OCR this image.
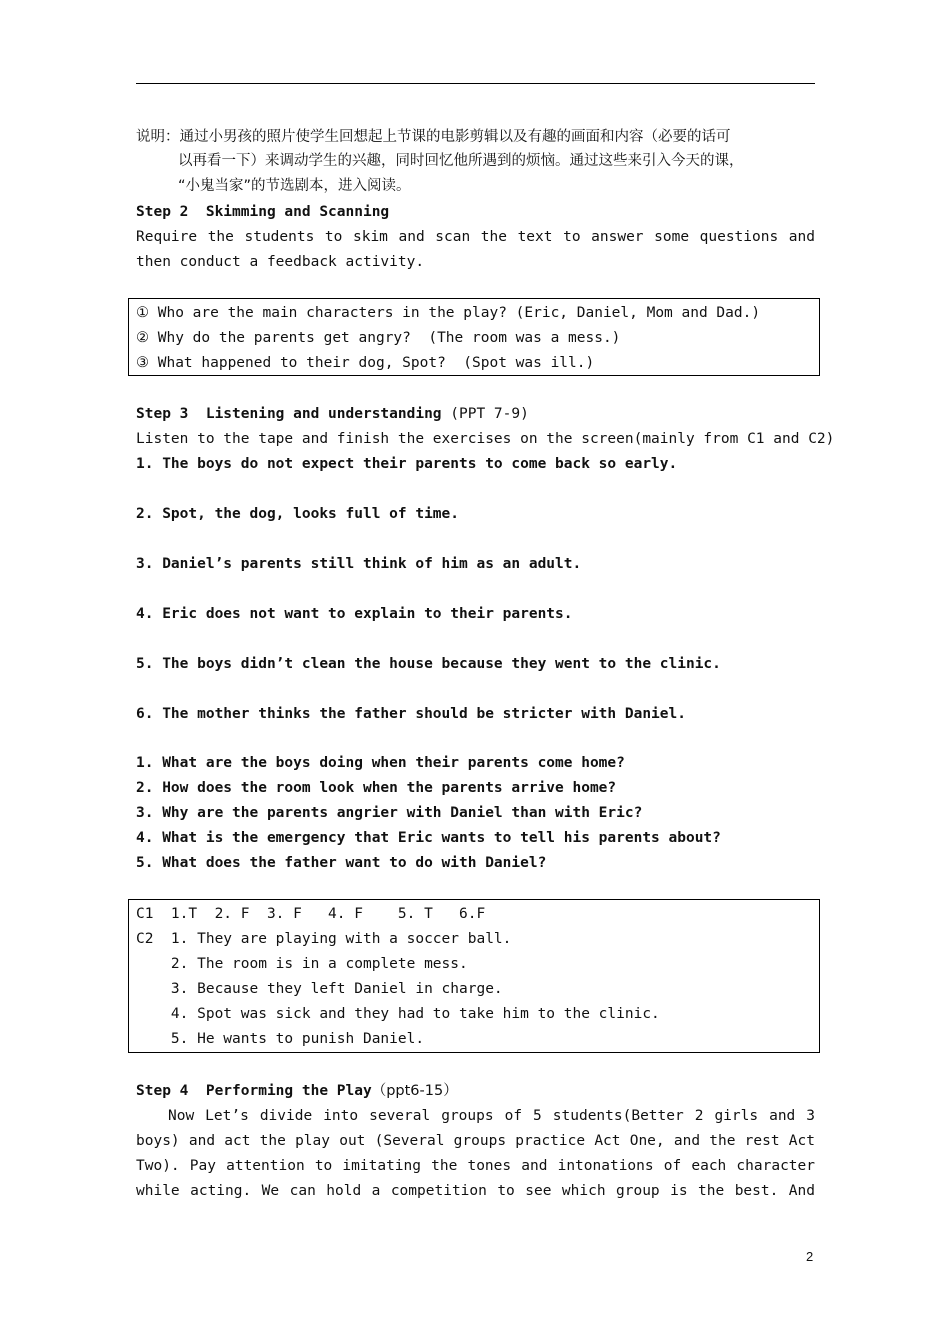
说明：通过小男孩的照片使学生回想起上节课的电影剪辑以及有趣的画面和内容（必要的话可
以再看一下）来调动学生的兴趣，同时回忆他所遇到的烦恼。通过这些来引入今天的课，
“小鬼当家”的节选剧本，进入阅读。
Step 2  Skimming and Scanning
Require the students to skim and scan the text to answer some questions and
then conduct a feedback activity.
① Who are the main characters in the play? (Eric, Daniel, Mom and Dad.)
② Why do the parents get angry?  (The room was a mess.)
③ What happened to their dog, Spot?  (Spot was ill.)
Step 3  Listening and understanding (PPT 7-9)
Listen to the tape and finish the exercises on the screen(mainly from C1 and C2)
1. The boys do not expect their parents to come back so early.
2. Spot, the dog, looks full of time.
3. Daniel’s parents still think of him as an adult.
4. Eric does not want to explain to their parents.
5. The boys didn’t clean the house because they went to the clinic.
6. The mother thinks the father should be stricter with Daniel.
1. What are the boys doing when their parents come home?
2. How does the room look when the parents arrive home?
3. Why are the parents angrier with Daniel than with Eric?
4. What is the emergency that Eric wants to tell his parents about?
5. What does the father want to do with Daniel?
C1  1.T  2. F  3. F   4. F    5. T   6.F
C2  1. They are playing with a soccer ball.
2. The room is in a complete mess.
3. Because they left Daniel in charge.
4. Spot was sick and they had to take him to the clinic.
5. He wants to punish Daniel.
Step 4  Performing the Play（ppt6-15）
Now Let’s divide into several groups of 5 students(Better 2 girls and 3
boys) and act the play out (Several groups practice Act One, and the rest Act
Two). Pay attention to imitating the tones and intonations of each character
while acting. We can hold a competition to see which group is the best. And
2
